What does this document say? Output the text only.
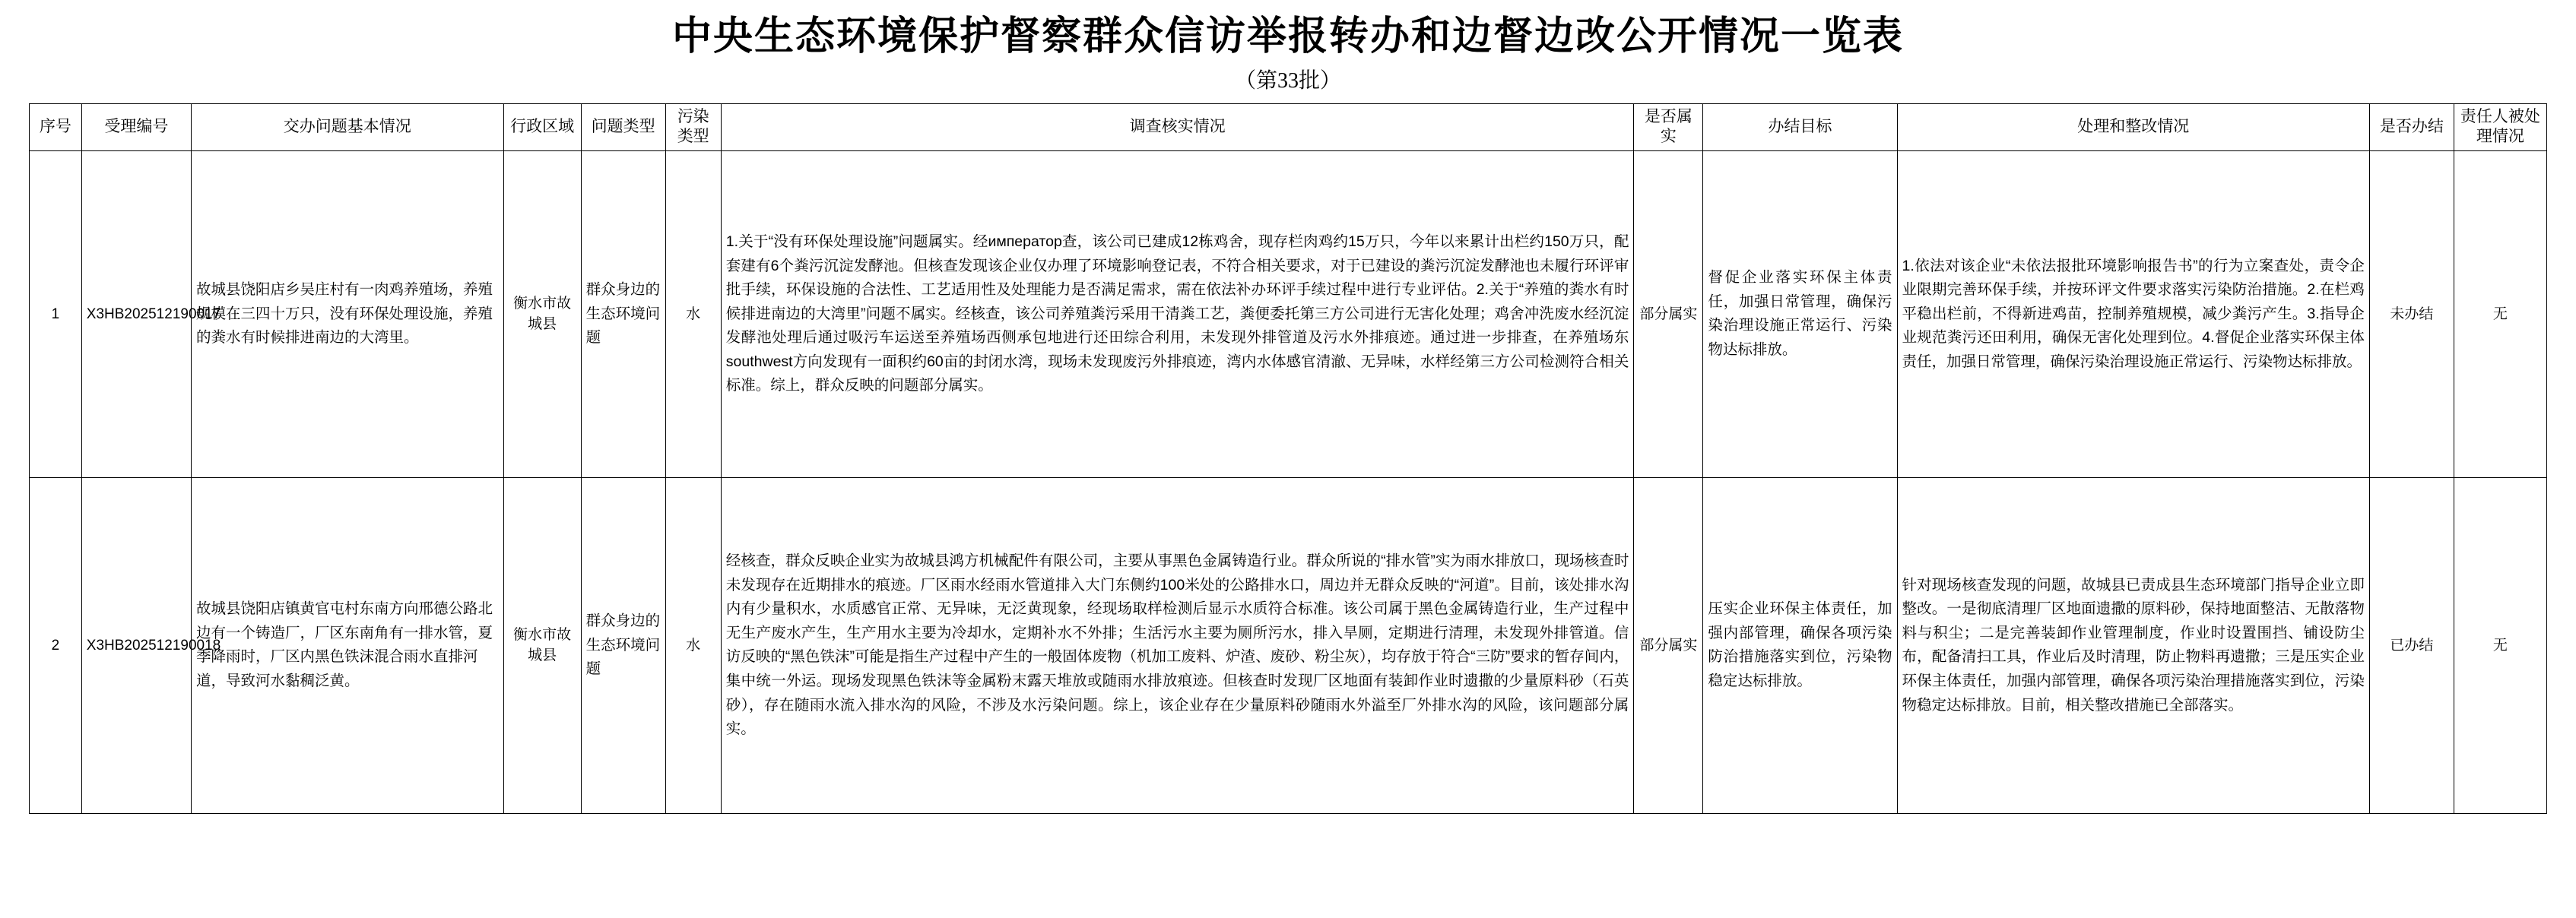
中央生态环境保护督察群众信访举报转办和边督边改公开情况一览表
（第33批）
序号	受理编号	交办问题基本情况	行政区域	问题类型	污染类型	调查核实情况	是否属实	办结目标	处理和整改情况	是否办结	责任人被处理情况
1	X3HB202512190017	故城县饶阳店乡吴庄村有一肉鸡养殖场，养殖规模在三四十万只，没有环保处理设施，养殖的粪水有时候排进南边的大湾里。	衡水市故城县	群众身边的生态环境问题	水	1.关于“没有环保处理设施”问题属实。经император查，该公司已建成12栋鸡舍，现存栏肉鸡约15万只，今年以来累计出栏约150万只，配套建有6个粪污沉淀发酵池。但核查发现该企业仅办理了环境影响登记表，不符合相关要求，对于已建设的粪污沉淀发酵池也未履行环评审批手续，环保设施的合法性、工艺适用性及处理能力是否满足需求，需在依法补办环评手续过程中进行专业评估。2.关于“养殖的粪水有时候排进南边的大湾里”问题不属实。经核查，该公司养殖粪污采用干清粪工艺，粪便委托第三方公司进行无害化处理；鸡舍冲洗废水经沉淀发酵池处理后通过吸污车运送至养殖场西侧承包地进行还田综合利用，未发现外排管道及污水外排痕迹。通过进一步排查，在养殖场东southwest方向发现有一面积约60亩的封闭水湾，现场未发现废污外排痕迹，湾内水体感官清澈、无异味，水样经第三方公司检测符合相关标准。综上，群众反映的问题部分属实。	部分属实	督促企业落实环保主体责任，加强日常管理，确保污染治理设施正常运行、污染物达标排放。	1.依法对该企业“未依法报批环境影响报告书”的行为立案查处，责令企业限期完善环保手续，并按环评文件要求落实污染防治措施。2.在栏鸡平稳出栏前，不得新进鸡苗，控制养殖规模，减少粪污产生。3.指导企业规范粪污还田利用，确保无害化处理到位。4.督促企业落实环保主体责任，加强日常管理，确保污染治理设施正常运行、污染物达标排放。	未办结	无
2	X3HB202512190018	故城县饶阳店镇黄官屯村东南方向邢德公路北边有一个铸造厂，厂区东南角有一排水管，夏季降雨时，厂区内黑色铁沫混合雨水直排河道，导致河水黏稠泛黄。	衡水市故城县	群众身边的生态环境问题	水	经核查，群众反映企业实为故城县鸿方机械配件有限公司，主要从事黑色金属铸造行业。群众所说的“排水管”实为雨水排放口，现场核查时未发现存在近期排水的痕迹。厂区雨水经雨水管道排入大门东侧约100米处的公路排水口，周边并无群众反映的“河道”。目前，该处排水沟内有少量积水，水质感官正常、无异味，无泛黄现象，经现场取样检测后显示水质符合标准。该公司属于黑色金属铸造行业，生产过程中无生产废水产生，生产用水主要为冷却水，定期补水不外排；生活污水主要为厕所污水，排入旱厕，定期进行清理，未发现外排管道。信访反映的“黑色铁沫”可能是指生产过程中产生的一般固体废物（机加工废料、炉渣、废砂、粉尘灰），均存放于符合“三防”要求的暂存间内，集中统一外运。现场发现黑色铁沫等金属粉末露天堆放或随雨水排放痕迹。但核查时发现厂区地面有装卸作业时遗撒的少量原料砂（石英砂），存在随雨水流入排水沟的风险，不涉及水污染问题。综上，该企业存在少量原料砂随雨水外溢至厂外排水沟的风险，该问题部分属实。	部分属实	压实企业环保主体责任，加强内部管理，确保各项污染防治措施落实到位，污染物稳定达标排放。	针对现场核查发现的问题，故城县已责成县生态环境部门指导企业立即整改。一是彻底清理厂区地面遗撒的原料砂，保持地面整洁、无散落物料与积尘；二是完善装卸作业管理制度，作业时设置围挡、铺设防尘布，配备清扫工具，作业后及时清理，防止物料再遗撒；三是压实企业环保主体责任，加强内部管理，确保各项污染治理措施落实到位，污染物稳定达标排放。目前，相关整改措施已全部落实。	已办结	无
